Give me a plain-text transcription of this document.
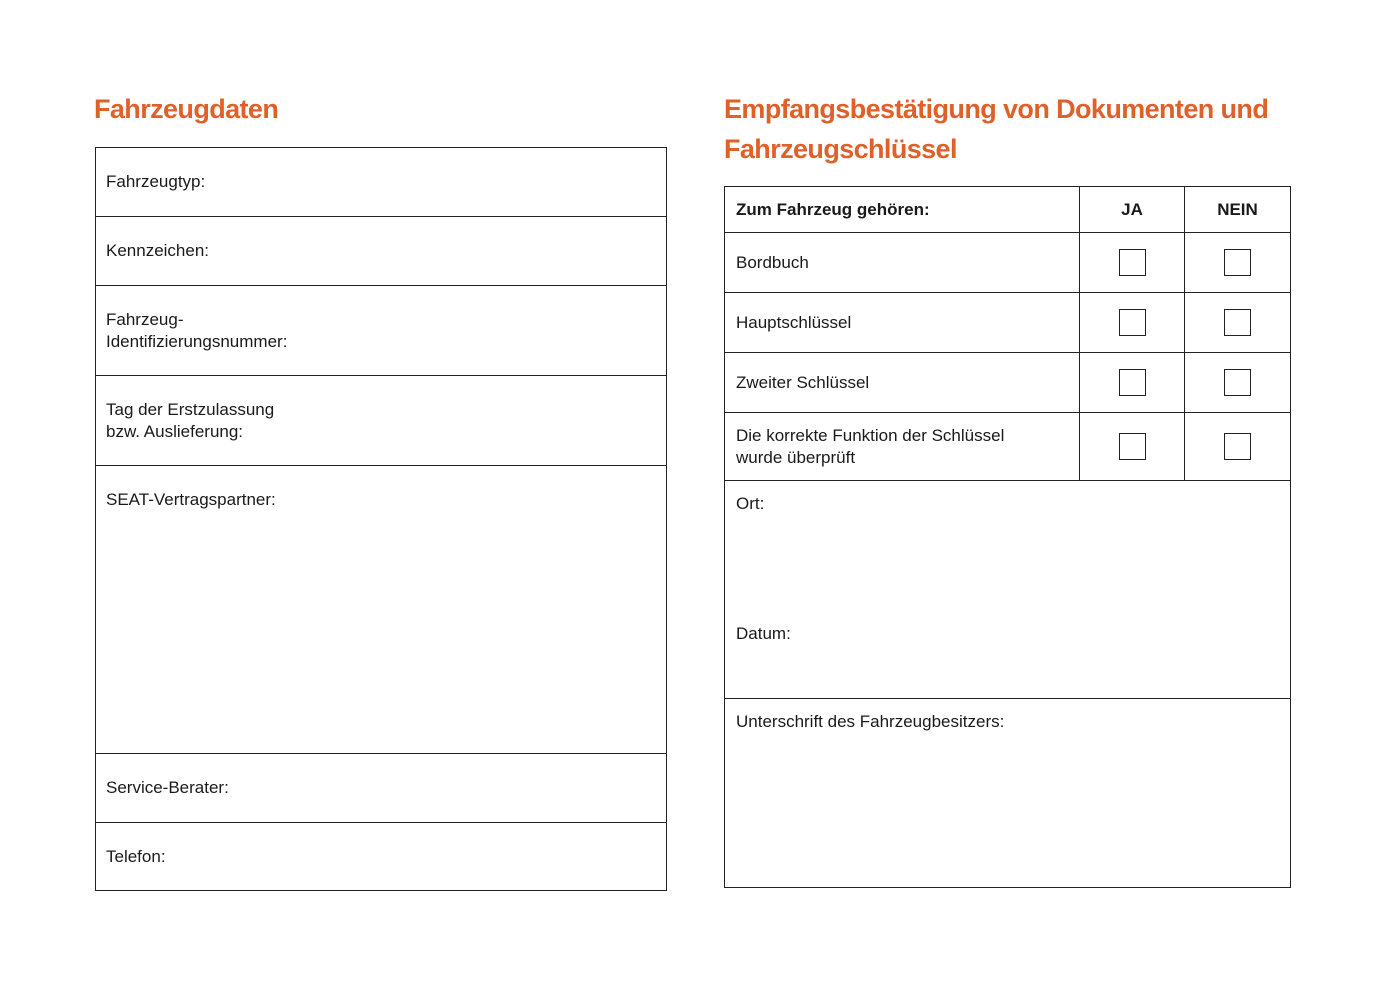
Fahrzeugdaten
Fahrzeugtyp:
Kennzeichen:
Fahrzeug-
Identifizierungsnummer:
Tag der Erstzulassung
bzw. Auslieferung:
SEAT-Vertragspartner:
Service-Berater:
Telefon:
Empfangsbestätigung von Dokumenten und Fahrzeugschlüssel
Zum Fahrzeug gehören:	JA	NEIN
Bordbuch
Hauptschlüssel
Zweiter Schlüssel
Die korrekte Funktion der Schlüssel
wurde überprüft
Ort:
Datum:
Unterschrift des Fahrzeugbesitzers:
